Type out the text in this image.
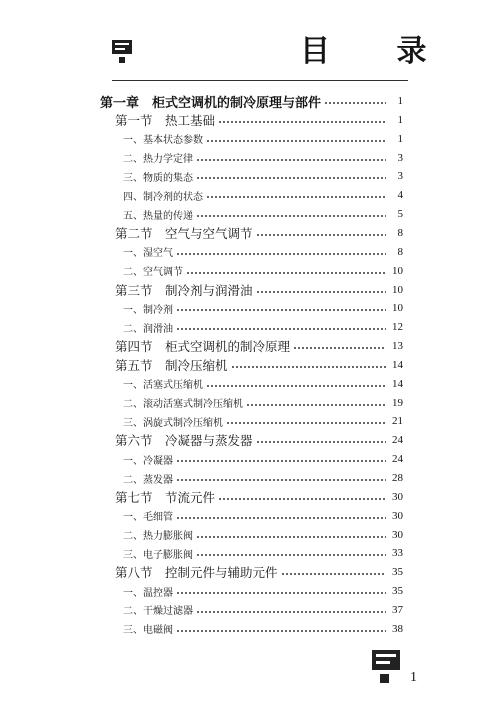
目 录
第一章　柜式空调机的制冷原理与部件	1
第一节　热工基础	1
一、基本状态参数	1
二、热力学定律	3
三、物质的集态	3
四、制冷剂的状态	4
五、热量的传递	5
第二节　空气与空气调节	8
一、湿空气	8
二、空气调节	10
第三节　制冷剂与润滑油	10
一、制冷剂	10
二、润滑油	12
第四节　柜式空调机的制冷原理	13
第五节　制冷压缩机	14
一、活塞式压缩机	14
二、滚动活塞式制冷压缩机	19
三、涡旋式制冷压缩机	21
第六节　冷凝器与蒸发器	24
一、冷凝器	24
二、蒸发器	28
第七节　节流元件	30
一、毛细管	30
二、热力膨胀阀	30
三、电子膨胀阀	33
第八节　控制元件与辅助元件	35
一、温控器	35
二、干燥过滤器	37
三、电磁阀	38
1
